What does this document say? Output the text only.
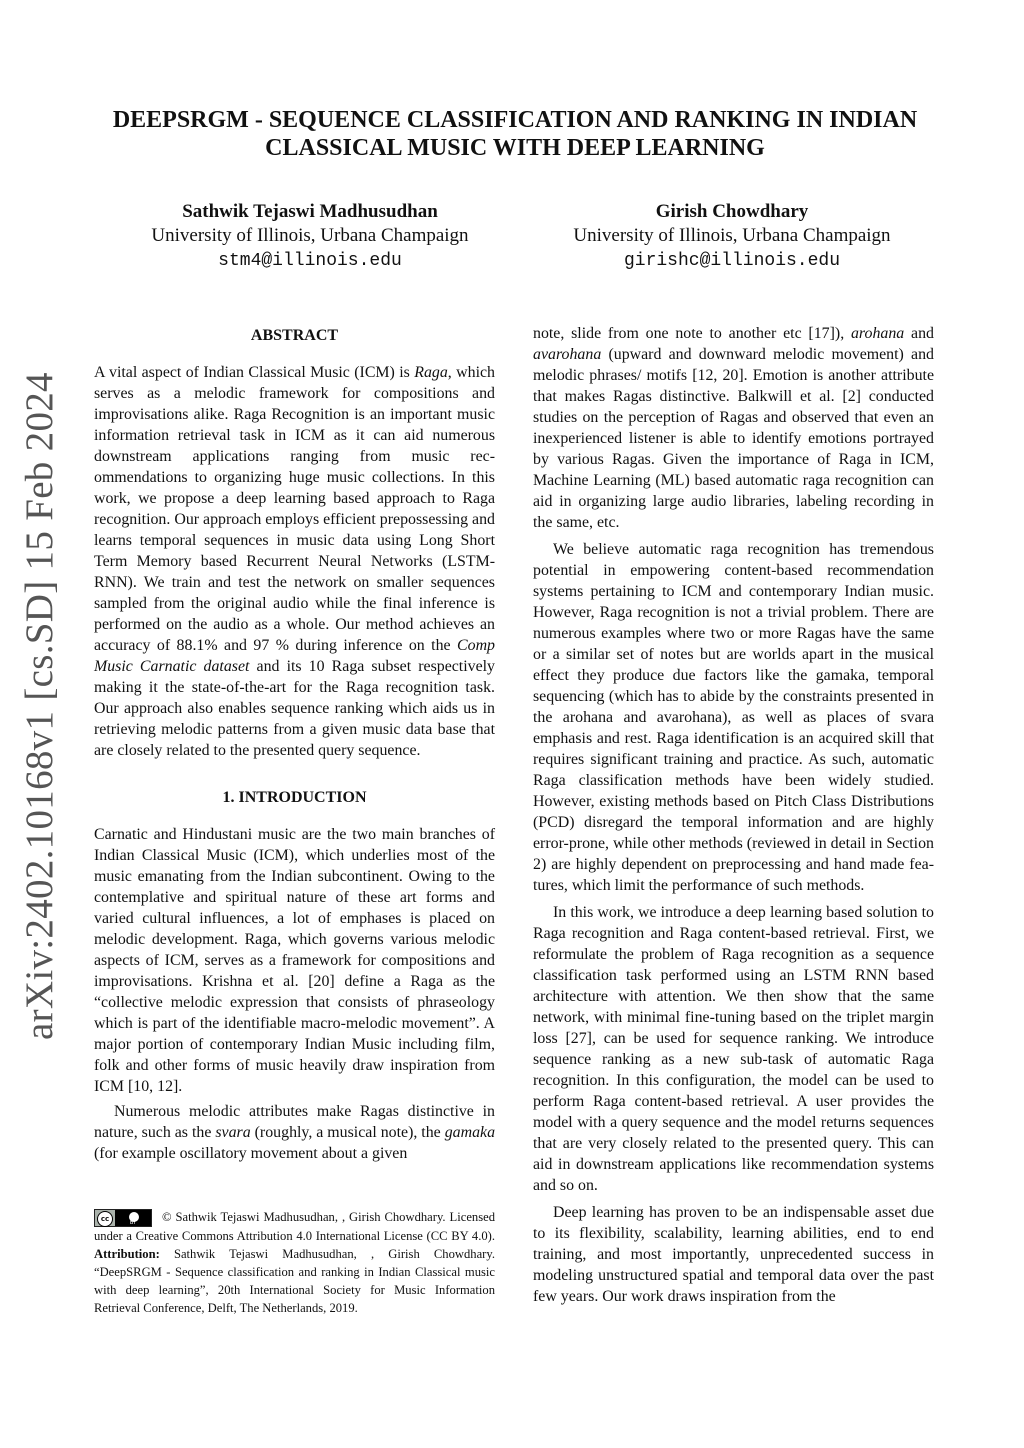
DEEPSRGM - SEQUENCE CLASSIFICATION AND RANKING IN INDIAN
CLASSICAL MUSIC WITH DEEP LEARNING
Sathwik Tejaswi Madhusudhan
University of Illinois, Urbana Champaign
stm4@illinois.edu
Girish Chowdhary
University of Illinois, Urbana Champaign
girishc@illinois.edu
arXiv:2402.10168v1 [cs.SD] 15 Feb 2024
ABSTRACT

A vital aspect of Indian Classical Music (ICM) is Raga, which serves as a melodic framework for compositions and improvisations alike. Raga Recognition is an important music information retrieval task in ICM as it can aid numerous downstream applications ranging from music recommendations to organizing huge music collections. In this work, we propose a deep learning based approach to Raga recognition. Our approach employs efficient prepossessing and learns temporal sequences in music data using Long Short Term Memory based Recurrent Neural Networks (LSTM-RNN). We train and test the network on smaller sequences sampled from the original audio while the final inference is performed on the audio as a whole. Our method achieves an accuracy of 88.1% and 97 % during inference on the Comp Music Carnatic dataset and its 10 Raga subset respectively making it the state-of-the-art for the Raga recognition task. Our approach also enables sequence ranking which aids us in retrieving melodic patterns from a given music data base that are closely related to the presented query sequence.

1. INTRODUCTION

Carnatic and Hindustani music are the two main branches of Indian Classical Music (ICM), which underlies most of the music emanating from the Indian subcontinent. Owing to the contemplative and spiritual nature of these art forms and varied cultural influences, a lot of emphases is placed on melodic development. Raga, which governs various melodic aspects of ICM, serves as a framework for compositions and improvisations. Krishna et al. [20] define a Raga as the “collective melodic expression that consists of phraseology which is part of the identifiable macro-melodic movement”. A major portion of contemporary Indian Music including film, folk and other forms of music heavily draw inspiration from ICM [10, 12].

Numerous melodic attributes make Ragas distinctive in nature, such as the svara (roughly, a musical note), the gamaka (for example oscillatory movement about a given

note, slide from one note to another etc [17]), arohana and avarohana (upward and downward melodic movement) and melodic phrases/ motifs [12, 20]. Emotion is another attribute that makes Ragas distinctive. Balkwill et al. [2] conducted studies on the perception of Ragas and observed that even an inexperienced listener is able to identify emotions portrayed by various Ragas. Given the importance of Raga in ICM, Machine Learning (ML) based automatic raga recognition can aid in organizing large audio libraries, labeling recording in the same, etc.

We believe automatic raga recognition has tremendous potential in empowering content-based recommendation systems pertaining to ICM and contemporary Indian music. However, Raga recognition is not a trivial problem. There are numerous examples where two or more Ragas have the same or a similar set of notes but are worlds apart in the musical effect they produce due factors like the gamaka, temporal sequencing (which has to abide by the constraints presented in the arohana and avarohana), as well as places of svara emphasis and rest. Raga identification is an acquired skill that requires significant training and practice. As such, automatic Raga classification methods have been widely studied. However, existing methods based on Pitch Class Distributions (PCD) disregard the temporal information and are highly error-prone, while other methods (reviewed in detail in Section 2) are highly dependent on preprocessing and hand made features, which limit the performance of such methods.

In this work, we introduce a deep learning based solution to Raga recognition and Raga content-based retrieval. First, we reformulate the problem of Raga recognition as a sequence classification task performed using an LSTM RNN based architecture with attention. We then show that the same network, with minimal fine-tuning based on the triplet margin loss [27], can be used for sequence ranking. We introduce sequence ranking as a new sub-task of automatic Raga recognition. In this configuration, the model can be used to perform Raga content-based retrieval. A user provides the model with a query sequence and the model returns sequences that are very closely related to the presented query. This can aid in downstream applications like recommendation systems and so on.

Deep learning has proven to be an indispensable asset due to its flexibility, scalability, learning abilities, end to end training, and most importantly, unprecedented success in modeling unstructured spatial and temporal data over the past few years. Our work draws inspiration from the

cc	BY	© Sathwik Tejaswi Madhusudhan, , Girish Chowdhary. Licensed under a Creative Commons Attribution 4.0 International License (CC BY 4.0). Attribution: Sathwik Tejaswi Madhusudhan, , Girish Chowdhary. “DeepSRGM - Sequence classification and ranking in Indian Classical music with deep learning”, 20th International Society for Music Information Retrieval Conference, Delft, The Netherlands, 2019.
